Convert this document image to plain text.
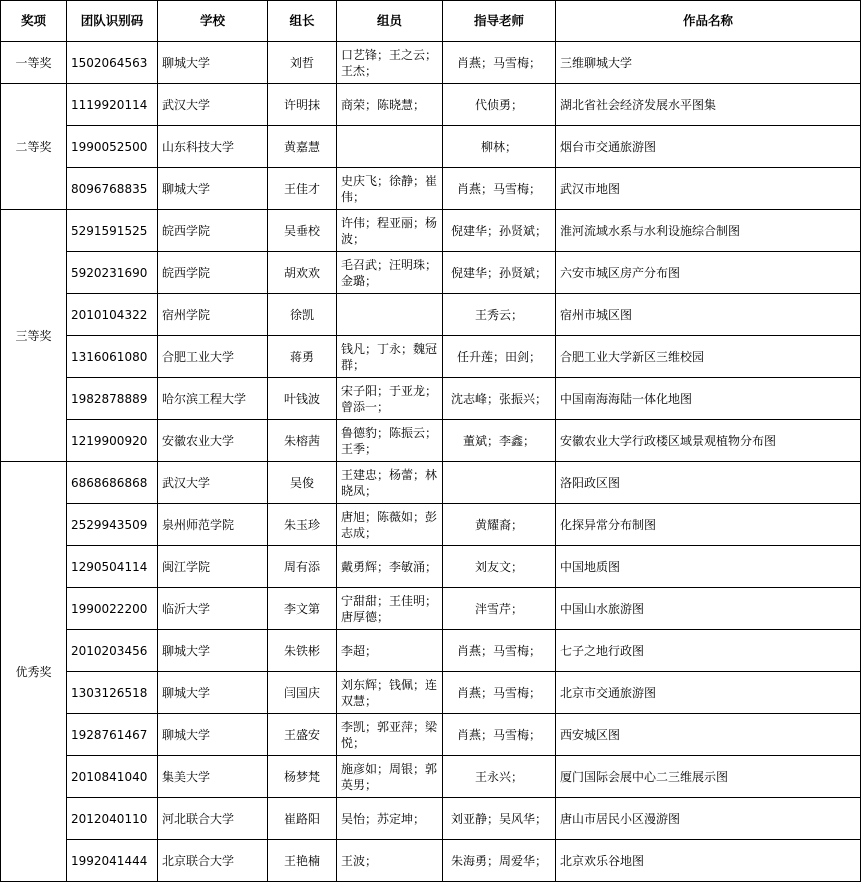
奖项	团队识别码	学校	组长	组员	指导老师	作品名称
一等奖	1502064563	聊城大学	刘哲	口艺锋；王之云；王杰；	肖燕；马雪梅；	三维聊城大学
二等奖	1119920114	武汉大学	许明抹	商荣；陈晓慧；	代侦勇；	湖北省社会经济发展水平图集
	1990052500	山东科技大学	黄嘉慧		柳林；	烟台市交通旅游图
	8096768835	聊城大学	王佳才	史庆飞；徐静；崔伟；	肖燕；马雪梅；	武汉市地图
三等奖	5291591525	皖西学院	吴垂校	许伟；程亚丽；杨波；	倪建华；孙贤斌；	淮河流域水系与水利设施综合制图
	5920231690	皖西学院	胡欢欢	毛召武；汪明珠；金璐；	倪建华；孙贤斌；	六安市城区房产分布图
	2010104322	宿州学院	徐凯		王秀云；	宿州市城区图
	1316061080	合肥工业大学	蒋勇	钱凡；丁永；魏冠群；	任升莲；田剑；	合肥工业大学新区三维校园
	1982878889	哈尔滨工程大学	叶钱波	宋子阳；于亚龙；曾添一；	沈志峰；张振兴；	中国南海海陆一体化地图
	1219900920	安徽农业大学	朱榕茜	鲁德豹；陈振云；王季；	董斌；李鑫；	安徽农业大学行政楼区域景观植物分布图
优秀奖	6868686868	武汉大学	吴俊	王建忠；杨蕾；林晓凤；		洛阳政区图
	2529943509	泉州师范学院	朱玉珍	唐旭；陈薇如；彭志成；	黄耀裔；	化探异常分布制图
	1290504114	闽江学院	周有添	戴勇辉；李敏涌；	刘友文；	中国地质图
	1990022200	临沂大学	李文第	宁甜甜；王佳明；唐厚德；	泮雪芹；	中国山水旅游图
	2010203456	聊城大学	朱铁彬	李超；	肖燕；马雪梅；	七子之地行政图
	1303126518	聊城大学	闫国庆	刘东辉；钱佩；连双慧；	肖燕；马雪梅；	北京市交通旅游图
	1928761467	聊城大学	王盛安	李凯；郭亚萍；梁悦；	肖燕；马雪梅；	西安城区图
	2010841040	集美大学	杨梦梵	施彦如；周银；郭英男；	王永兴；	厦门国际会展中心二三维展示图
	2012040110	河北联合大学	崔路阳	吴怡；苏定坤；	刘亚静；吴风华；	唐山市居民小区漫游图
	1992041444	北京联合大学	王艳楠	王波；	朱海勇；周爱华；	北京欢乐谷地图
